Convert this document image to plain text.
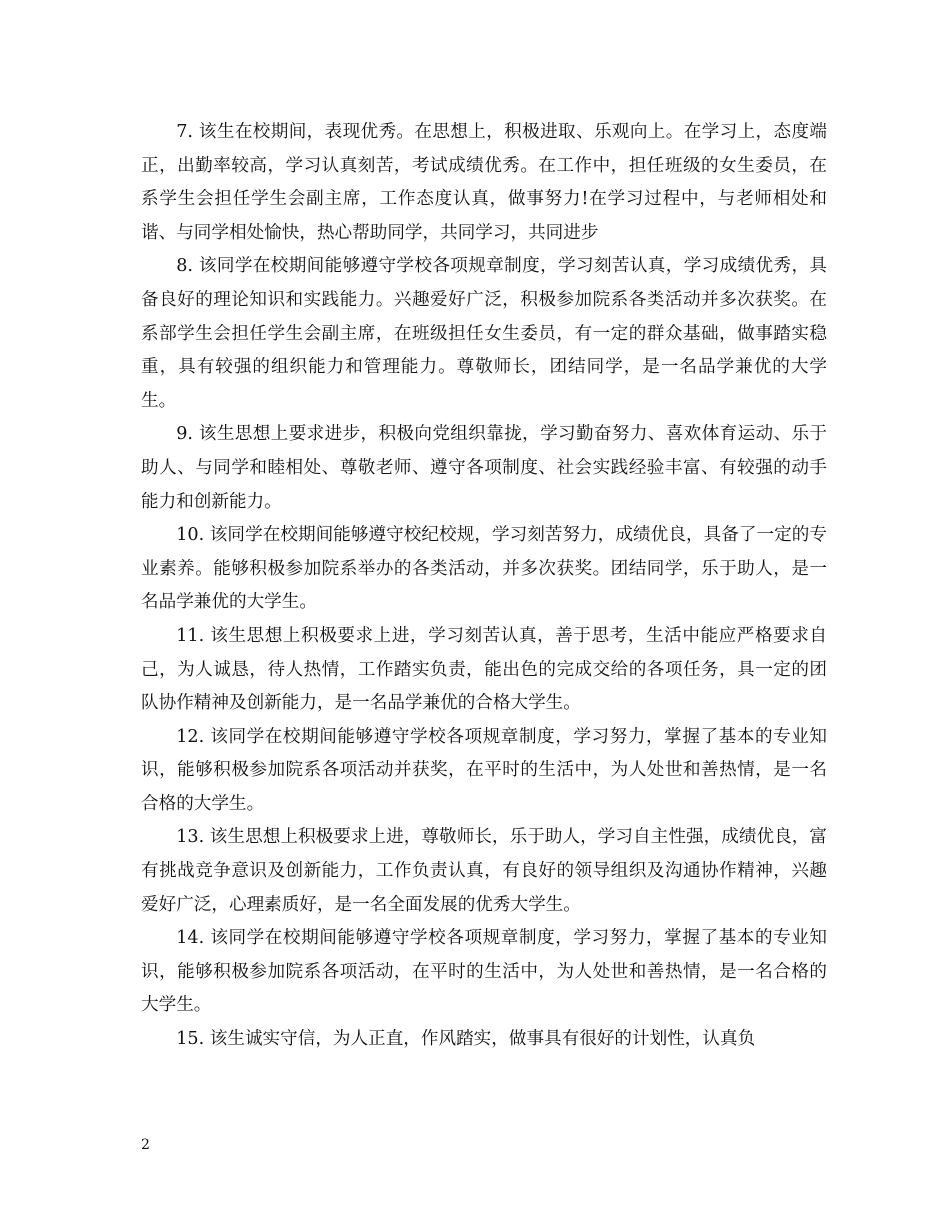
7. 该生在校期间，表现优秀。在思想上，积极进取、乐观向上。在学习上，态度端正，出勤率较高，学习认真刻苦，考试成绩优秀。在工作中，担任班级的女生委员，在系学生会担任学生会副主席，工作态度认真，做事努力!在学习过程中，与老师相处和谐、与同学相处愉快，热心帮助同学，共同学习，共同进步

8. 该同学在校期间能够遵守学校各项规章制度，学习刻苦认真，学习成绩优秀，具备良好的理论知识和实践能力。兴趣爱好广泛，积极参加院系各类活动并多次获奖。在系部学生会担任学生会副主席，在班级担任女生委员，有一定的群众基础，做事踏实稳重，具有较强的组织能力和管理能力。尊敬师长，团结同学，是一名品学兼优的大学生。

9. 该生思想上要求进步，积极向党组织靠拢，学习勤奋努力、喜欢体育运动、乐于助人、与同学和睦相处、尊敬老师、遵守各项制度、社会实践经验丰富、有较强的动手能力和创新能力。

10. 该同学在校期间能够遵守校纪校规，学习刻苦努力，成绩优良，具备了一定的专业素养。能够积极参加院系举办的各类活动，并多次获奖。团结同学，乐于助人，是一名品学兼优的大学生。

11. 该生思想上积极要求上进，学习刻苦认真，善于思考，生活中能应严格要求自己，为人诚恳，待人热情，工作踏实负责，能出色的完成交给的各项任务，具一定的团队协作精神及创新能力，是一名品学兼优的合格大学生。

12. 该同学在校期间能够遵守学校各项规章制度，学习努力，掌握了基本的专业知识，能够积极参加院系各项活动并获奖，在平时的生活中，为人处世和善热情，是一名合格的大学生。

13. 该生思想上积极要求上进，尊敬师长，乐于助人，学习自主性强，成绩优良，富有挑战竞争意识及创新能力，工作负责认真，有良好的领导组织及沟通协作精神，兴趣爱好广泛，心理素质好，是一名全面发展的优秀大学生。

14. 该同学在校期间能够遵守学校各项规章制度，学习努力，掌握了基本的专业知识，能够积极参加院系各项活动，在平时的生活中，为人处世和善热情，是一名合格的大学生。

15. 该生诚实守信，为人正直，作风踏实，做事具有很好的计划性，认真负

2
